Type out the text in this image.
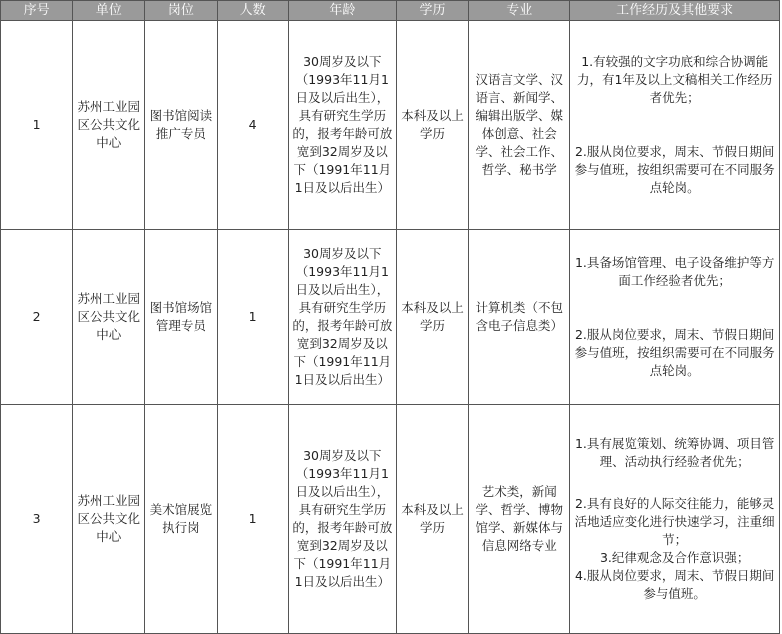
序号	单位	岗位	人数	年龄	学历	专业	工作经历及其他要求
1	苏州工业园区公共文化中心	图书馆阅读推广专员	4	30周岁及以下（1993年11月1日及以后出生），具有研究生学历的，报考年龄可放宽到32周岁及以下（1991年11月1日及以后出生）	本科及以上学历	汉语言文学、汉语言、新闻学、编辑出版学、媒体创意、社会学、社会工作、哲学、秘书学	1.有较强的文字功底和综合协调能力，有1年及以上文稿相关工作经历者优先；
2.服从岗位要求，周末、节假日期间参与值班，按组织需要可在不同服务点轮岗。

2	苏州工业园区公共文化中心	图书馆场馆管理专员	1	30周岁及以下（1993年11月1日及以后出生），具有研究生学历的，报考年龄可放宽到32周岁及以下（1991年11月1日及以后出生）	本科及以上学历	计算机类（不包含电子信息类）	1.具备场馆管理、电子设备维护等方面工作经验者优先；
2.服从岗位要求，周末、节假日期间参与值班，按组织需要可在不同服务点轮岗。

3	苏州工业园区公共文化中心	美术馆展览执行岗	1	30周岁及以下（1993年11月1日及以后出生），具有研究生学历的，报考年龄可放宽到32周岁及以下（1991年11月1日及以后出生）	本科及以上学历	艺术类，新闻学、哲学、博物馆学、新媒体与信息网络专业	1.具有展览策划、统筹协调、项目管理、活动执行经验者优先；
2.具有良好的人际交往能力，能够灵活地适应变化进行快速学习，注重细节；
3.纪律观念及合作意识强；
4.服从岗位要求，周末、节假日期间参与值班。
